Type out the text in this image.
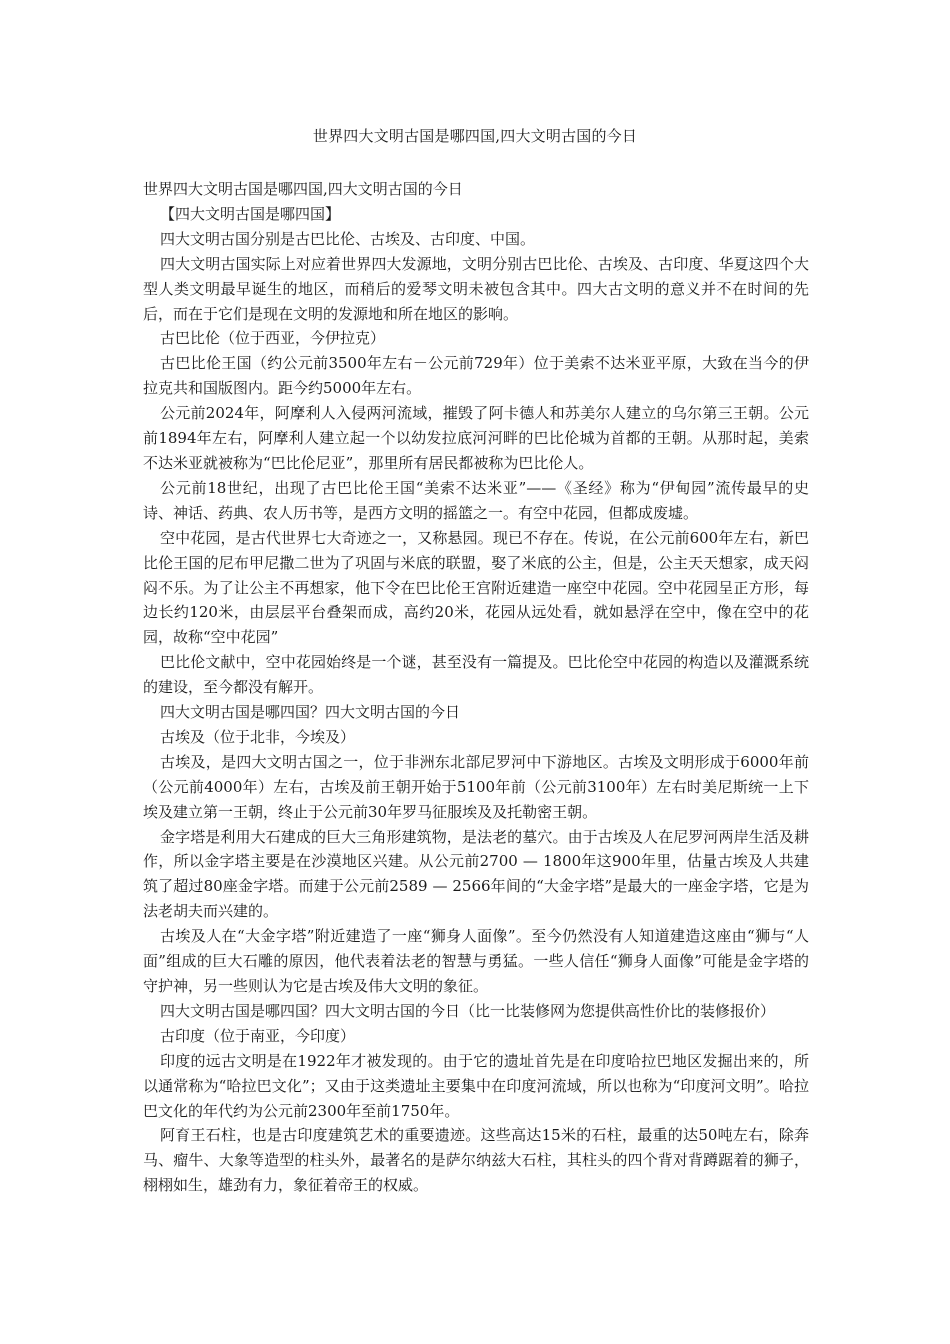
世界四大文明古国是哪四国,四大文明古国的今日

世界四大文明古国是哪四国,四大文明古国的今日

【四大文明古国是哪四国】

四大文明古国分别是古巴比伦、古埃及、古印度、中国。

四大文明古国实际上对应着世界四大发源地，文明分别古巴比伦、古埃及、古印度、华夏这四个大型人类文明最早诞生的地区，而稍后的爱琴文明未被包含其中。四大古文明的意义并不在时间的先后，而在于它们是现在文明的发源地和所在地区的影响。

古巴比伦（位于西亚，今伊拉克）

古巴比伦王国（约公元前3500年左右－公元前729年）位于美索不达米亚平原，大致在当今的伊拉克共和国版图内。距今约5000年左右。

公元前2024年，阿摩利人入侵两河流域，摧毁了阿卡德人和苏美尔人建立的乌尔第三王朝。公元前1894年左右，阿摩利人建立起一个以幼发拉底河河畔的巴比伦城为首都的王朝。从那时起，美索不达米亚就被称为“巴比伦尼亚”，那里所有居民都被称为巴比伦人。

公元前18世纪，出现了古巴比伦王国“美索不达米亚”——《圣经》称为“伊甸园”流传最早的史诗、神话、药典、农人历书等，是西方文明的摇篮之一。有空中花园，但都成废墟。

空中花园，是古代世界七大奇迹之一，又称悬园。现已不存在。传说，在公元前600年左右，新巴比伦王国的尼布甲尼撒二世为了巩固与米底的联盟，娶了米底的公主，但是，公主天天想家，成天闷闷不乐。为了让公主不再想家，他下令在巴比伦王宫附近建造一座空中花园。空中花园呈正方形，每边长约120米，由层层平台叠架而成，高约20米，花园从远处看，就如悬浮在空中，像在空中的花园，故称“空中花园”

巴比伦文献中，空中花园始终是一个谜，甚至没有一篇提及。巴比伦空中花园的构造以及灌溉系统的建设，至今都没有解开。

四大文明古国是哪四国？四大文明古国的今日

古埃及（位于北非，今埃及）

古埃及，是四大文明古国之一，位于非洲东北部尼罗河中下游地区。古埃及文明形成于6000年前（公元前4000年）左右，古埃及前王朝开始于5100年前（公元前3100年）左右时美尼斯统一上下埃及建立第一王朝，终止于公元前30年罗马征服埃及及托勒密王朝。

金字塔是利用大石建成的巨大三角形建筑物，是法老的墓穴。由于古埃及人在尼罗河两岸生活及耕作，所以金字塔主要是在沙漠地区兴建。从公元前2700 — 1800年这900年里，估量古埃及人共建筑了超过80座金字塔。而建于公元前2589 — 2566年间的“大金字塔”是最大的一座金字塔，它是为法老胡夫而兴建的。

古埃及人在“大金字塔”附近建造了一座“狮身人面像”。至今仍然没有人知道建造这座由“狮与“人面”组成的巨大石雕的原因，他代表着法老的智慧与勇猛。一些人信任“狮身人面像”可能是金字塔的守护神，另一些则认为它是古埃及伟大文明的象征。

四大文明古国是哪四国？四大文明古国的今日（比一比装修网为您提供高性价比的装修报价）

古印度（位于南亚，今印度）

印度的远古文明是在1922年才被发现的。由于它的遗址首先是在印度哈拉巴地区发掘出来的，所以通常称为“哈拉巴文化”；又由于这类遗址主要集中在印度河流域，所以也称为“印度河文明”。哈拉巴文化的年代约为公元前2300年至前1750年。

阿育王石柱，也是古印度建筑艺术的重要遗迹。这些高达15米的石柱，最重的达50吨左右，除奔马、瘤牛、大象等造型的柱头外，最著名的是萨尔纳兹大石柱，其柱头的四个背对背蹲踞着的狮子，栩栩如生，雄劲有力，象征着帝王的权威。
